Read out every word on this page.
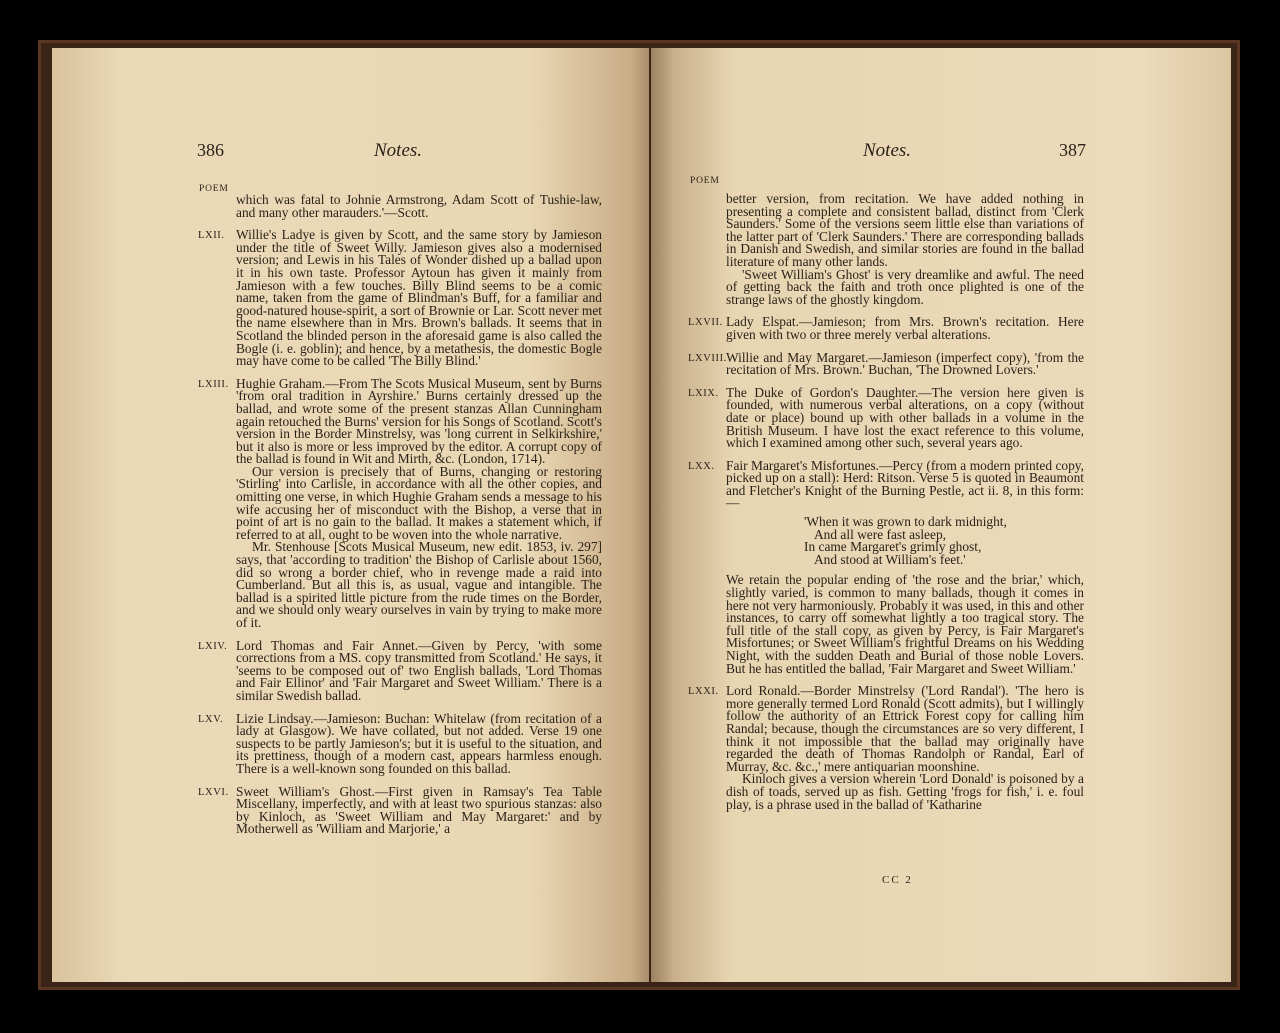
386	Notes.
POEM

which was fatal to Johnie Armstrong, Adam Scott of Tushie-law, and many other marauders.'—Scott.

LXII. Willie's Ladye is given by Scott, and the same story by Jamieson under the title of Sweet Willy. Jamieson gives also a modernised version; and Lewis in his Tales of Wonder dished up a ballad upon it in his own taste. Professor Aytoun has given it mainly from Jamieson with a few touches. Billy Blind seems to be a comic name, taken from the game of Blindman's Buff, for a familiar and good-natured house-spirit, a sort of Brownie or Lar. Scott never met the name elsewhere than in Mrs. Brown's ballads. It seems that in Scotland the blinded person in the aforesaid game is also called the Bogle (i. e. goblin); and hence, by a metathesis, the domestic Bogle may have come to be called 'The Billy Blind.'

LXIII. Hughie Graham.—From The Scots Musical Museum, sent by Burns 'from oral tradition in Ayrshire.' Burns certainly dressed up the ballad, and wrote some of the present stanzas Allan Cunningham again retouched the Burns' version for his Songs of Scotland. Scott's version in the Border Minstrelsy, was 'long current in Selkirkshire,' but it also is more or less improved by the editor. A corrupt copy of the ballad is found in Wit and Mirth, &c. (London, 1714).

Our version is precisely that of Burns, changing or restoring 'Stirling' into Carlisle, in accordance with all the other copies, and omitting one verse, in which Hughie Graham sends a message to his wife accusing her of misconduct with the Bishop, a verse that in point of art is no gain to the ballad. It makes a statement which, if referred to at all, ought to be woven into the whole narrative.

Mr. Stenhouse [Scots Musical Museum, new edit. 1853, iv. 297] says, that 'according to tradition' the Bishop of Carlisle about 1560, did so wrong a border chief, who in revenge made a raid into Cumberland. But all this is, as usual, vague and intangible. The ballad is a spirited little picture from the rude times on the Border, and we should only weary ourselves in vain by trying to make more of it.

LXIV. Lord Thomas and Fair Annet.—Given by Percy, 'with some corrections from a MS. copy transmitted from Scotland.' He says, it 'seems to be composed out of' two English ballads, 'Lord Thomas and Fair Ellinor' and 'Fair Margaret and Sweet William.' There is a similar Swedish ballad.

LXV. Lizie Lindsay.—Jamieson: Buchan: Whitelaw (from recitation of a lady at Glasgow). We have collated, but not added. Verse 19 one suspects to be partly Jamieson's; but it is useful to the situation, and its prettiness, though of a modern cast, appears harmless enough. There is a well-known song founded on this ballad.

LXVI. Sweet William's Ghost.—First given in Ramsay's Tea Table Miscellany, imperfectly, and with at least two spurious stanzas: also by Kinloch, as 'Sweet William and May Margaret:' and by Motherwell as 'William and Marjorie,' a

Notes.	387
POEM

better version, from recitation. We have added nothing in presenting a complete and consistent ballad, distinct from 'Clerk Saunders.' Some of the versions seem little else than variations of the latter part of 'Clerk Saunders.' There are corresponding ballads in Danish and Swedish, and similar stories are found in the ballad literature of many other lands.

'Sweet William's Ghost' is very dreamlike and awful. The need of getting back the faith and troth once plighted is one of the strange laws of the ghostly kingdom.

LXVII. Lady Elspat.—Jamieson; from Mrs. Brown's recitation. Here given with two or three merely verbal alterations.

LXVIII. Willie and May Margaret.—Jamieson (imperfect copy), 'from the recitation of Mrs. Brown.' Buchan, 'The Drowned Lovers.'

LXIX. The Duke of Gordon's Daughter.—The version here given is founded, with numerous verbal alterations, on a copy (without date or place) bound up with other ballads in a volume in the British Museum. I have lost the exact reference to this volume, which I examined among other such, several years ago.

LXX. Fair Margaret's Misfortunes.—Percy (from a modern printed copy, picked up on a stall): Herd: Ritson. Verse 5 is quoted in Beaumont and Fletcher's Knight of the Burning Pestle, act ii. 8, in this form:—

'When it was grown to dark midnight,
And all were fast asleep,
In came Margaret's grimly ghost,
And stood at William's feet.'

We retain the popular ending of 'the rose and the briar,' which, slightly varied, is common to many ballads, though it comes in here not very harmoniously. Probably it was used, in this and other instances, to carry off somewhat lightly a too tragical story. The full title of the stall copy, as given by Percy, is Fair Margaret's Misfortunes; or Sweet William's frightful Dreams on his Wedding Night, with the sudden Death and Burial of those noble Lovers. But he has entitled the ballad, 'Fair Margaret and Sweet William.'

LXXI. Lord Ronald.—Border Minstrelsy ('Lord Randal'). 'The hero is more generally termed Lord Ronald (Scott admits), but I willingly follow the authority of an Ettrick Forest copy for calling him Randal; because, though the circumstances are so very different, I think it not impossible that the ballad may originally have regarded the death of Thomas Randolph or Randal, Earl of Murray, &c. &c.,' mere antiquarian moonshine.

Kinloch gives a version wherein 'Lord Donald' is poisoned by a dish of toads, served up as fish. Getting 'frogs for fish,' i. e. foul play, is a phrase used in the ballad of 'Katharine

CC 2
